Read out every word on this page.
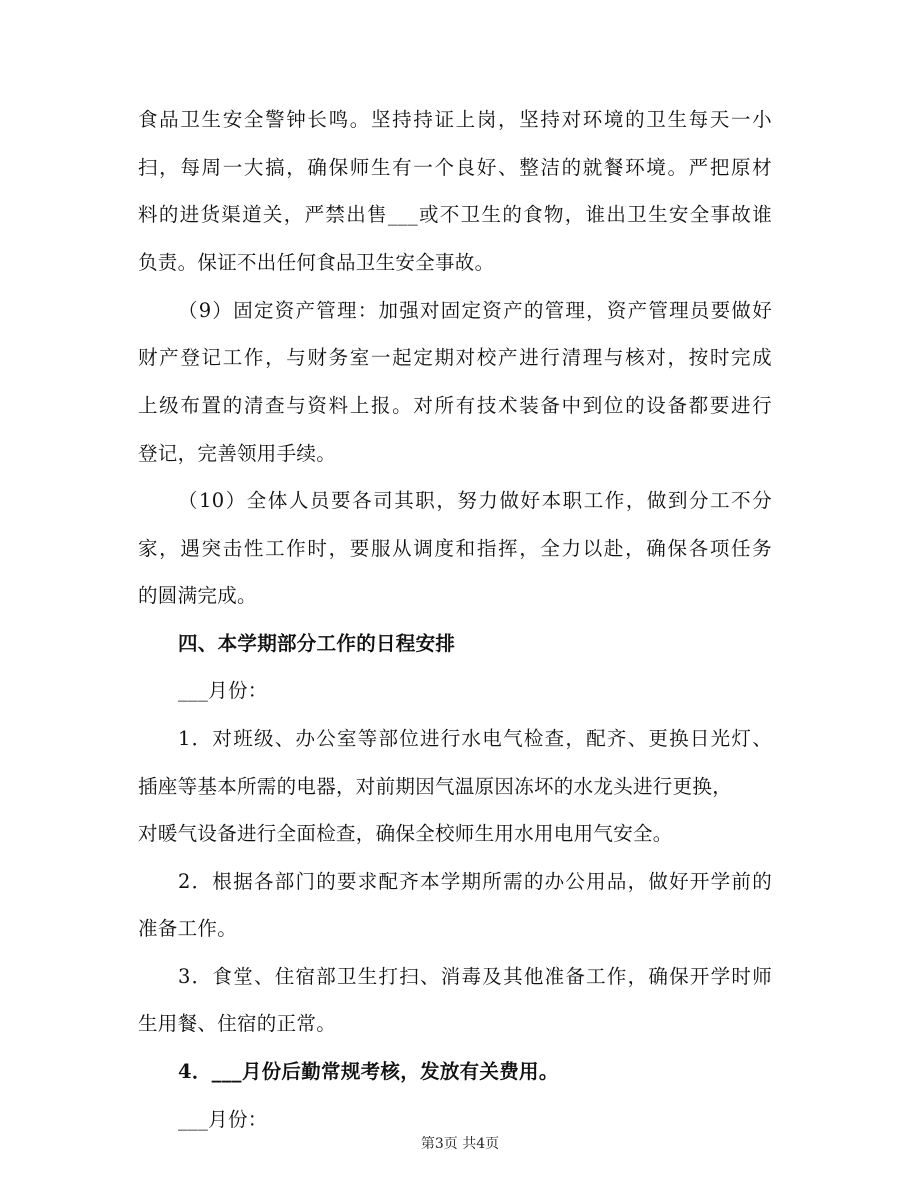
食品卫生安全警钟长鸣。坚持持证上岗，坚持对环境的卫生每天一小
扫，每周一大搞，确保师生有一个良好、整洁的就餐环境。严把原材
料的进货渠道关，严禁出售___或不卫生的食物，谁出卫生安全事故谁
负责。保证不出任何食品卫生安全事故。
（9）固定资产管理：加强对固定资产的管理，资产管理员要做好
财产登记工作，与财务室一起定期对校产进行清理与核对，按时完成
上级布置的清查与资料上报。对所有技术装备中到位的设备都要进行
登记，完善领用手续。
（10）全体人员要各司其职，努力做好本职工作，做到分工不分
家，遇突击性工作时，要服从调度和指挥，全力以赴，确保各项任务
的圆满完成。
四、本学期部分工作的日程安排
___月份：
1．对班级、办公室等部位进行水电气检查，配齐、更换日光灯、
插座等基本所需的电器，对前期因气温原因冻坏的水龙头进行更换，
对暖气设备进行全面检查，确保全校师生用水用电用气安全。
2．根据各部门的要求配齐本学期所需的办公用品，做好开学前的
准备工作。
3．食堂、住宿部卫生打扫、消毒及其他准备工作，确保开学时师
生用餐、住宿的正常。
4．___月份后勤常规考核，发放有关费用。
___月份：
第3页 共4页
